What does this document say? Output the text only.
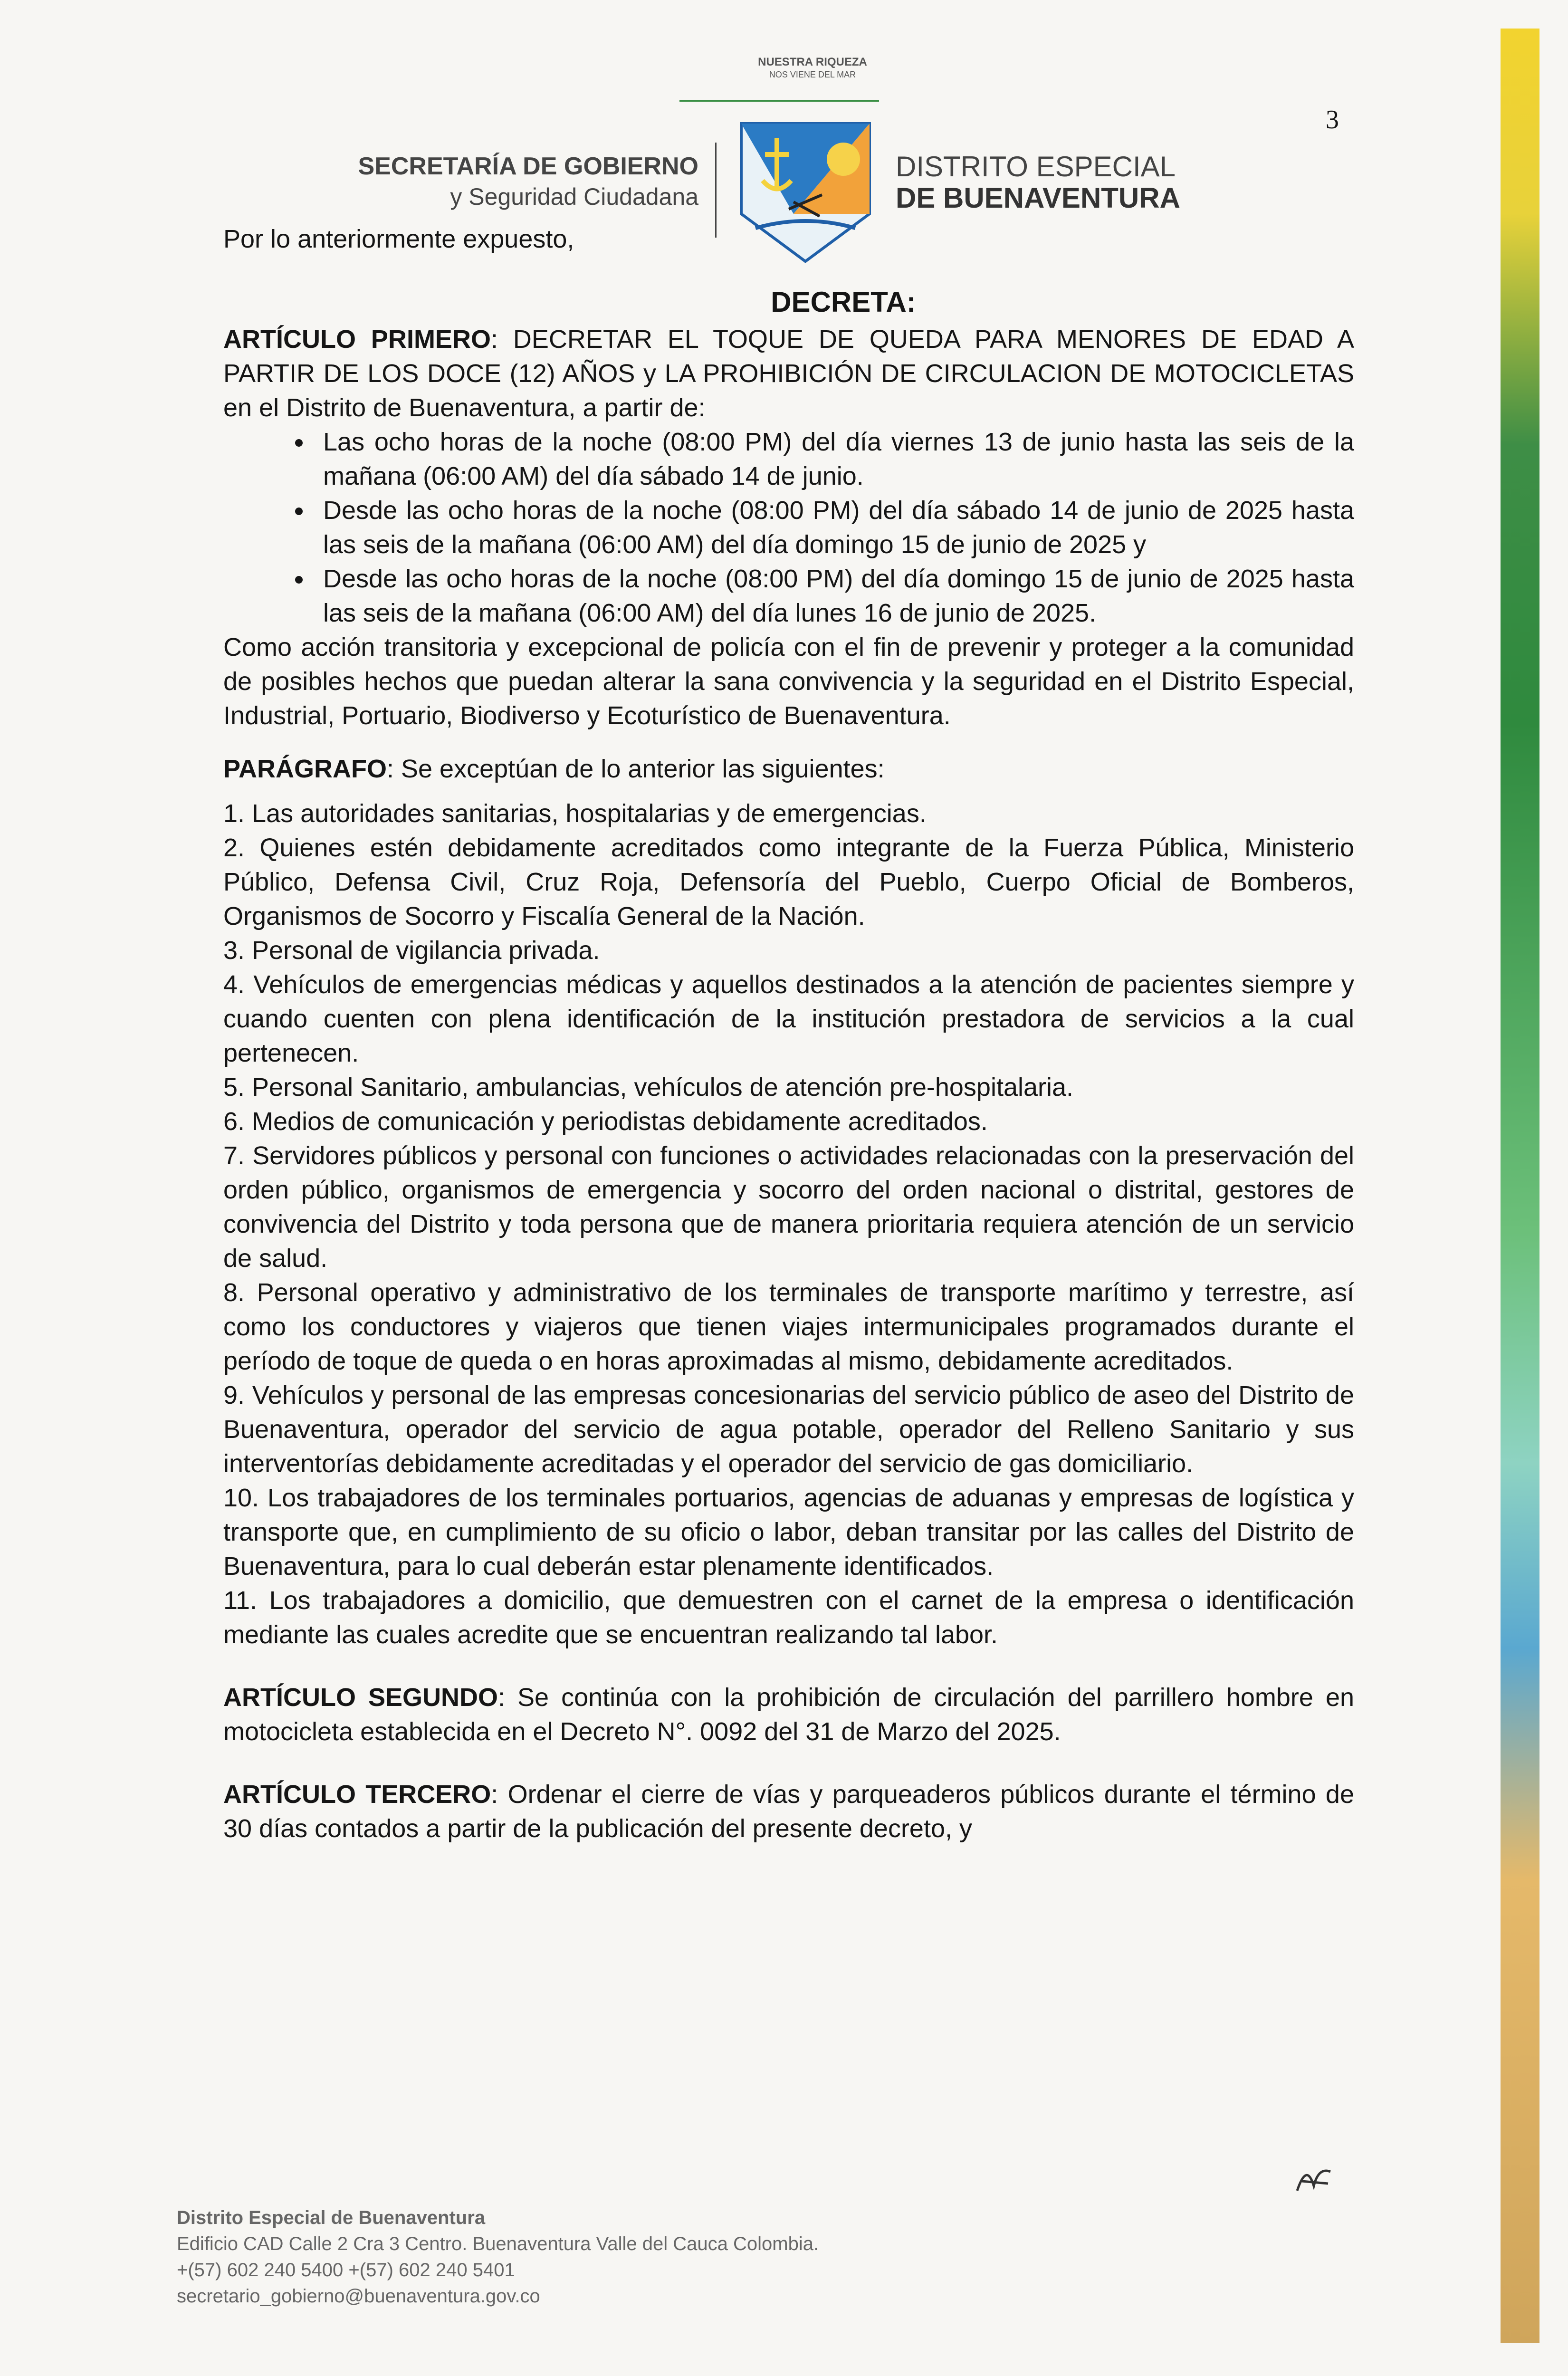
NUESTRA RIQUEZA
NOS VIENE DEL MAR
SECRETARÍA DE GOBIERNO
y Seguridad Ciudadana
DISTRITO ESPECIAL
DE BUENAVENTURA
3
Por lo anteriormente expuesto,

DECRETA:

ARTÍCULO PRIMERO: DECRETAR EL TOQUE DE QUEDA PARA MENORES DE EDAD A PARTIR DE LOS DOCE (12) AÑOS y LA PROHIBICIÓN DE CIRCULACION DE MOTOCICLETAS en el Distrito de Buenaventura, a partir de:

• Las ocho horas de la noche (08:00 PM) del día viernes 13 de junio hasta las seis de la mañana (06:00 AM) del día sábado 14 de junio.
• Desde las ocho horas de la noche (08:00 PM) del día sábado 14 de junio de 2025 hasta las seis de la mañana (06:00 AM) del día domingo 15 de junio de 2025 y
• Desde las ocho horas de la noche (08:00 PM) del día domingo 15 de junio de 2025 hasta las seis de la mañana (06:00 AM) del día lunes 16 de junio de 2025.

Como acción transitoria y excepcional de policía con el fin de prevenir y proteger a la comunidad de posibles hechos que puedan alterar la sana convivencia y la seguridad en el Distrito Especial, Industrial, Portuario, Biodiverso y Ecoturístico de Buenaventura.

PARÁGRAFO: Se exceptúan de lo anterior las siguientes:

1. Las autoridades sanitarias, hospitalarias y de emergencias.

2. Quienes estén debidamente acreditados como integrante de la Fuerza Pública, Ministerio Público, Defensa Civil, Cruz Roja, Defensoría del Pueblo, Cuerpo Oficial de Bomberos, Organismos de Socorro y Fiscalía General de la Nación.

3. Personal de vigilancia privada.

4. Vehículos de emergencias médicas y aquellos destinados a la atención de pacientes siempre y cuando cuenten con plena identificación de la institución prestadora de servicios a la cual pertenecen.

5. Personal Sanitario, ambulancias, vehículos de atención pre-hospitalaria.

6. Medios de comunicación y periodistas debidamente acreditados.

7. Servidores públicos y personal con funciones o actividades relacionadas con la preservación del orden público, organismos de emergencia y socorro del orden nacional o distrital, gestores de convivencia del Distrito y toda persona que de manera prioritaria requiera atención de un servicio de salud.

8. Personal operativo y administrativo de los terminales de transporte marítimo y terrestre, así como los conductores y viajeros que tienen viajes intermunicipales programados durante el período de toque de queda o en horas aproximadas al mismo, debidamente acreditados.

9. Vehículos y personal de las empresas concesionarias del servicio público de aseo del Distrito de Buenaventura, operador del servicio de agua potable, operador del Relleno Sanitario y sus interventorías debidamente acreditadas y el operador del servicio de gas domiciliario.

10. Los trabajadores de los terminales portuarios, agencias de aduanas y empresas de logística y transporte que, en cumplimiento de su oficio o labor, deban transitar por las calles del Distrito de Buenaventura, para lo cual deberán estar plenamente identificados.

11. Los trabajadores a domicilio, que demuestren con el carnet de la empresa o identificación mediante las cuales acredite que se encuentran realizando tal labor.

ARTÍCULO SEGUNDO: Se continúa con la prohibición de circulación del parrillero hombre en motocicleta establecida en el Decreto N°. 0092 del 31 de Marzo del 2025.

ARTÍCULO TERCERO: Ordenar el cierre de vías y parqueaderos públicos durante el término de 30 días contados a partir de la publicación del presente decreto, y

Distrito Especial de Buenaventura
Edificio CAD Calle 2 Cra 3 Centro. Buenaventura Valle del Cauca Colombia.
+(57) 602 240 5400 +(57) 602 240 5401
secretario_gobierno@buenaventura.gov.co
